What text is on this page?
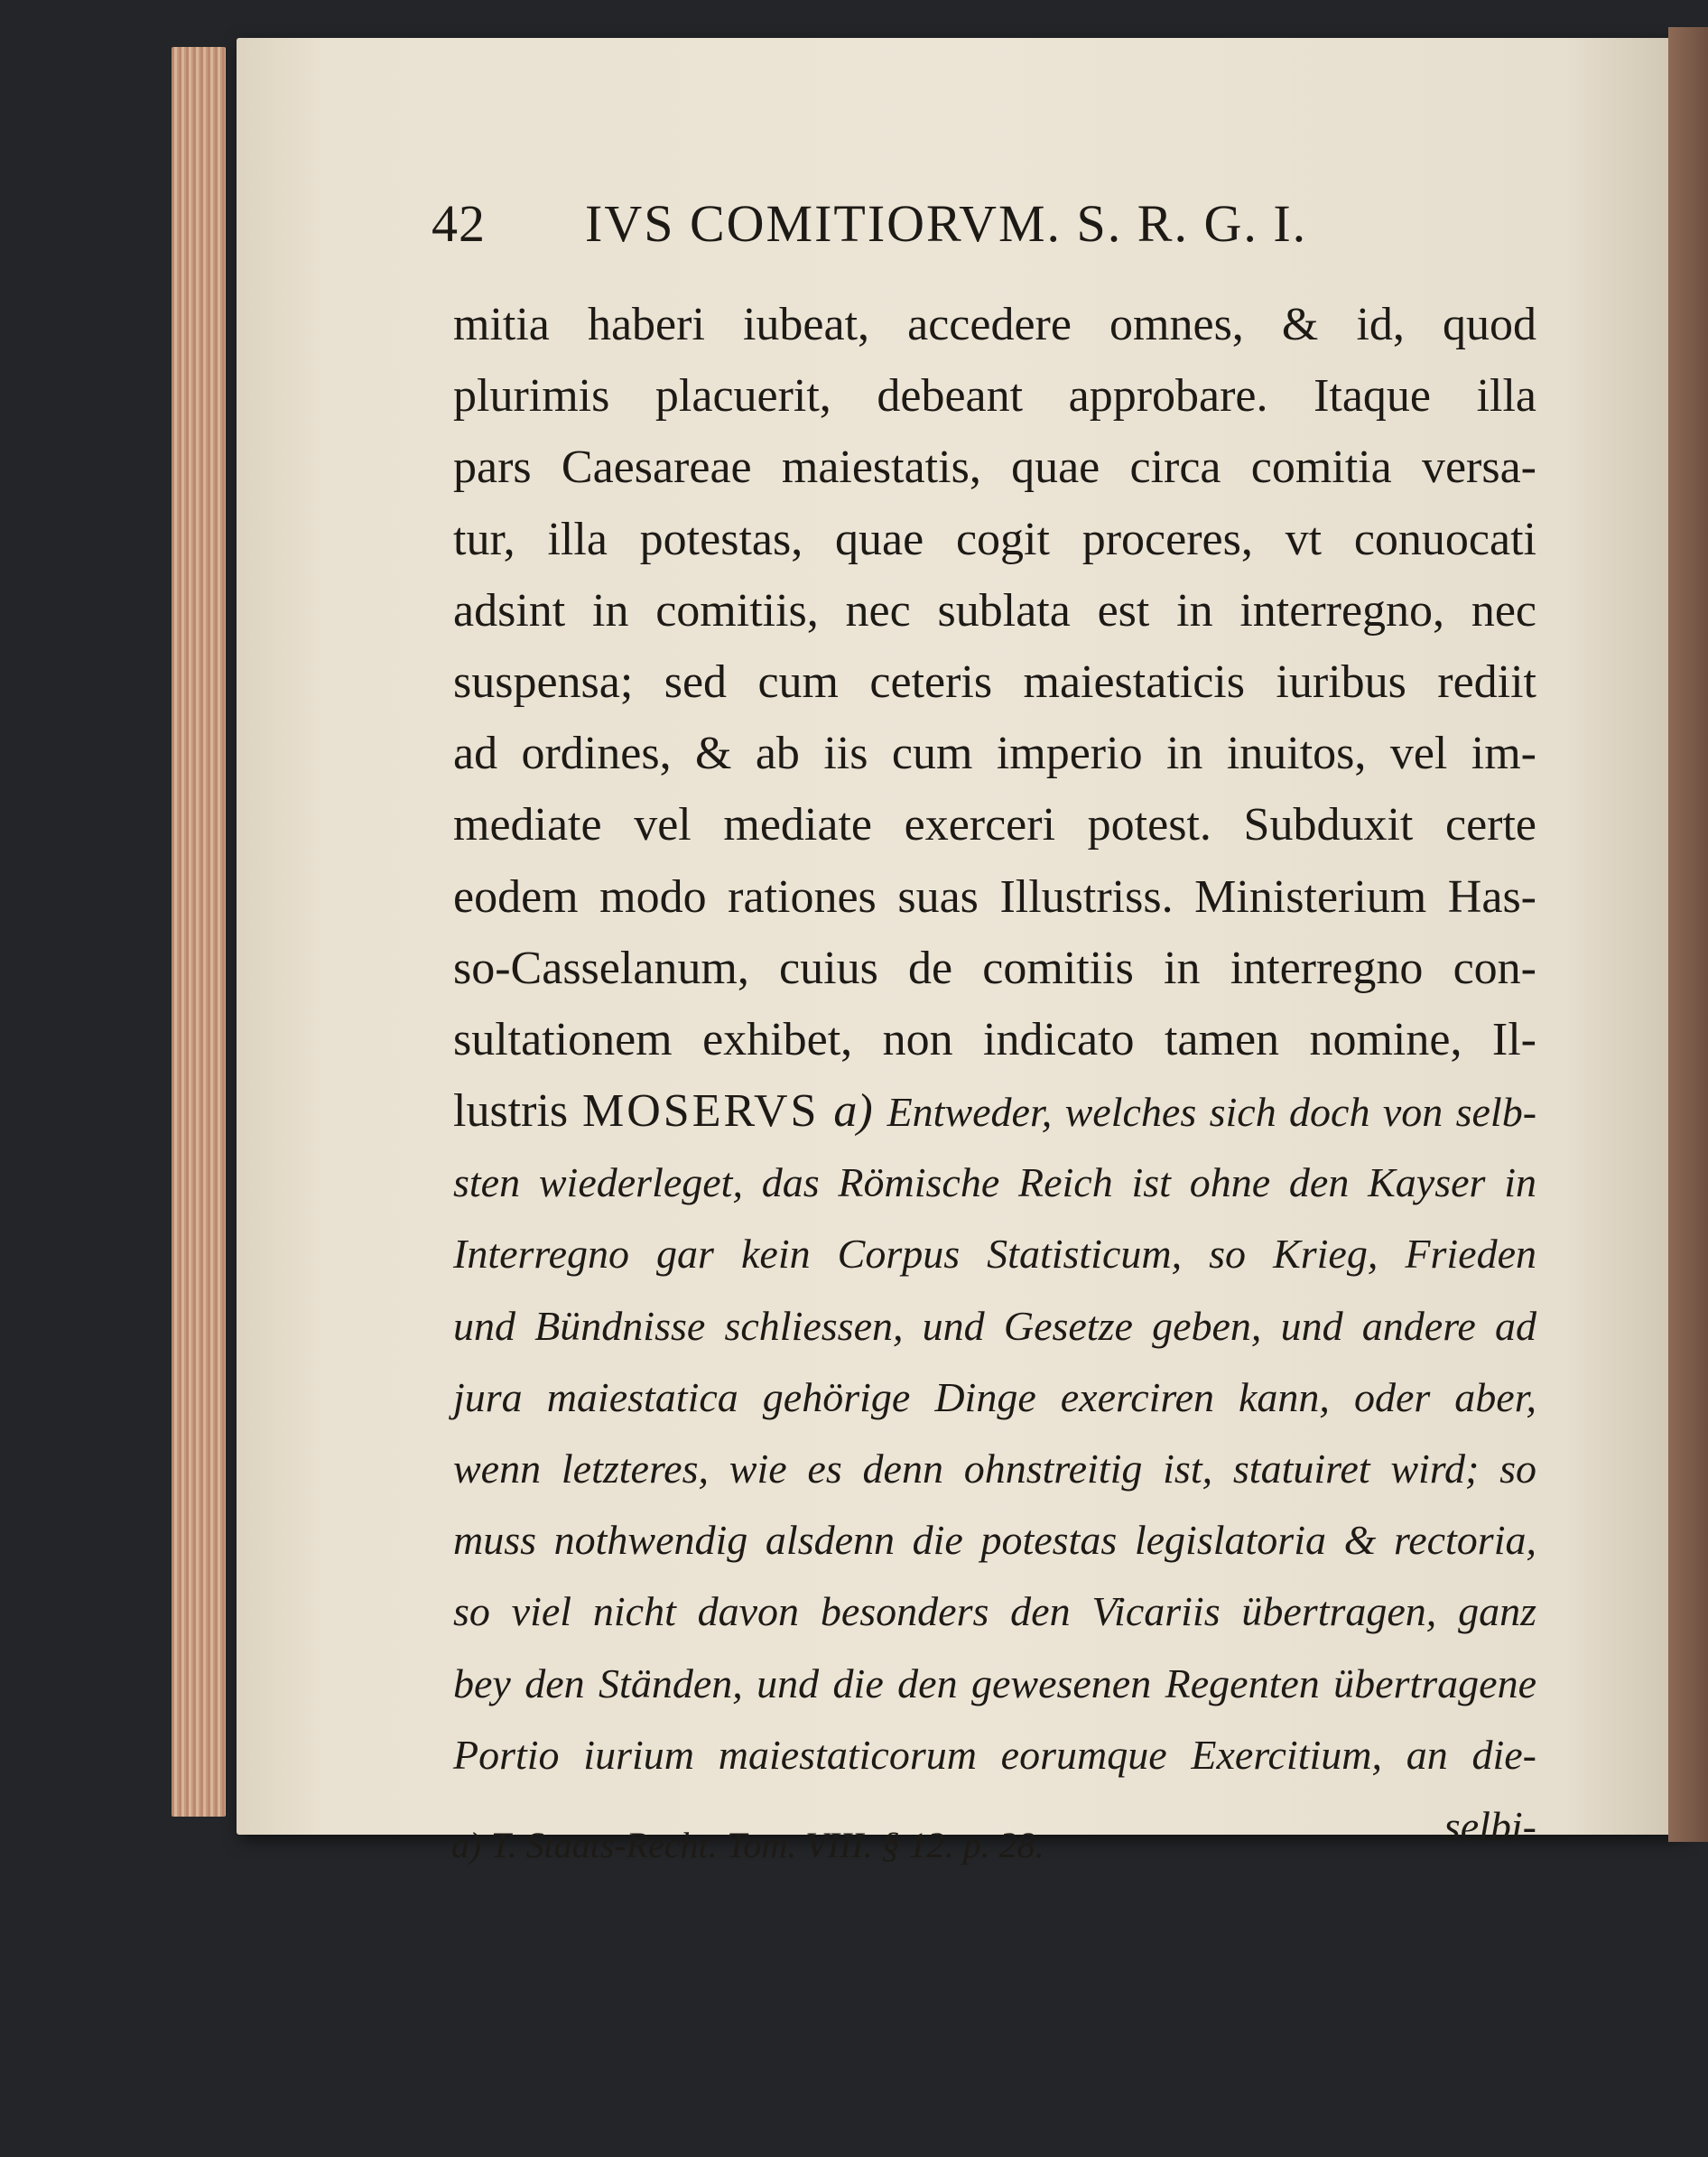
42 IVS COMITIORVM. S. R. G. I.
mitia haberi iubeat, accedere omnes, & id, quod
plurimis placuerit, debeant approbare. Itaque illa
pars Caesareae maiestatis, quae circa comitia versa-
tur, illa potestas, quae cogit proceres, vt conuocati
adsint in comitiis, nec sublata est in interregno, nec
suspensa; sed cum ceteris maiestaticis iuribus rediit
ad ordines, & ab iis cum imperio in inuitos, vel im-
mediate vel mediate exerceri potest. Subduxit certe
eodem modo rationes suas Illustriss. Ministerium Has-
so-Casselanum, cuius de comitiis in interregno con-
sultationem exhibet, non indicato tamen nomine, Il-
lustris MOSERVS a) Entweder, welches sich doch von selb-
sten wiederleget, das Römische Reich ist ohne den Kayser in
Interregno gar kein Corpus Statisticum, so Krieg, Frieden
und Bündnisse schliessen, und Gesetze geben, und andere ad
jura maiestatica gehörige Dinge exerciren kann, oder aber,
wenn letzteres, wie es denn ohnstreitig ist, statuiret wird; so
muss nothwendig alsdenn die potestas legislatoria & rectoria,
so viel nicht davon besonders den Vicariis übertragen, ganz
bey den Ständen, und die den gewesenen Regenten übertragene
Portio iurium maiestaticorum eorumque Exercitium, an die-
selbi-
a) T. Staats-Recht. Tom. VIII. § 12. p. 28.
